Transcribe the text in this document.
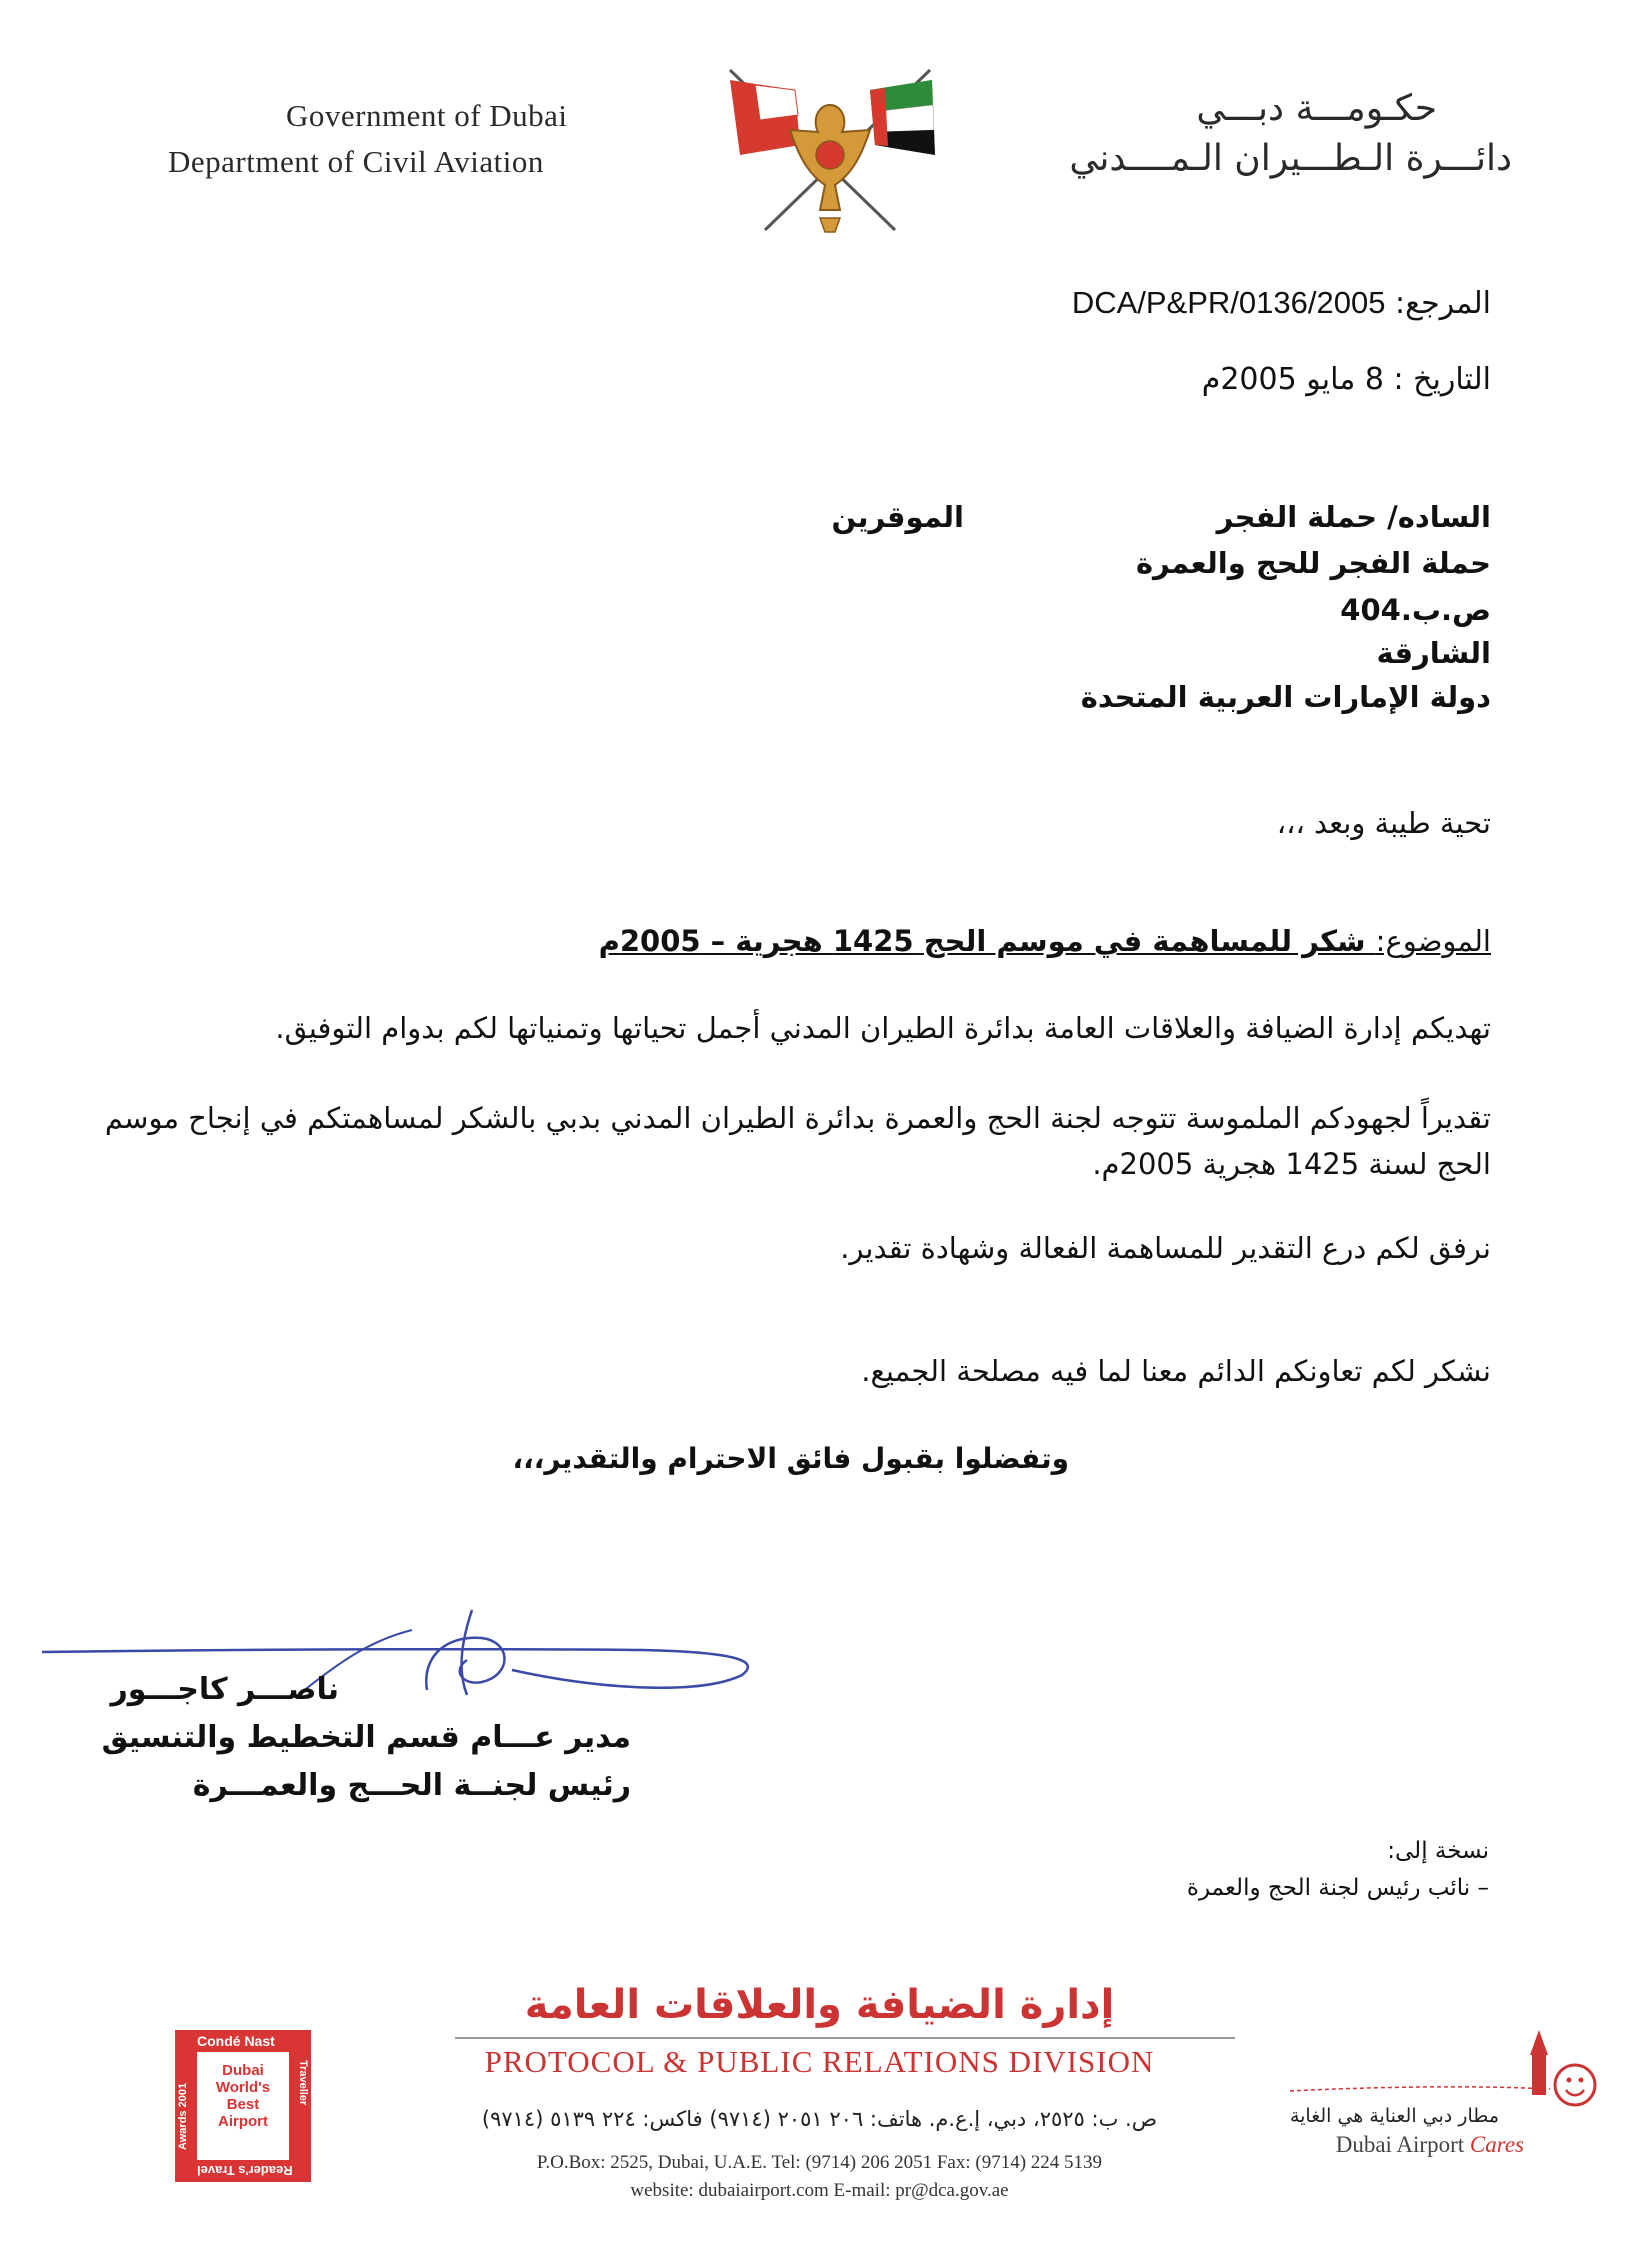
Government of Dubai
Department of Civil Aviation
حكـومـــة دبـــي
دائـــرة الـطـــيران الـمــــدني
المرجع: DCA/P&PR/0136/2005
التاريخ : 8 مايو 2005م
الساده/ حملة الفجر
الموقرين
حملة الفجر للحج والعمرة
ص.ب.404
الشارقة
دولة الإمارات العربية المتحدة
تحية طيبة وبعد ،،،
الموضوع: شكر للمساهمة في موسم الحج 1425 هجرية – 2005م
تهديكم إدارة الضيافة والعلاقات العامة بدائرة الطيران المدني أجمل تحياتها وتمنياتها لكم بدوام التوفيق.
تقديراً لجهودكم الملموسة تتوجه لجنة الحج والعمرة بدائرة الطيران المدني بدبي بالشكر لمساهمتكم في إنجاح موسم
الحج لسنة 1425 هجرية 2005م.
نرفق لكم درع التقدير للمساهمة الفعالة وشهادة تقدير.
نشكر لكم تعاونكم الدائم معنا لما فيه مصلحة الجميع.
وتفضلوا بقبول فائق الاحترام والتقدير،،،
ناصـــر كاجـــور
مدير عـــام قسم التخطيط والتنسيق
رئيس لجنــة الحـــج والعمـــرة
نسخة إلى:
– نائب رئيس لجنة الحج والعمرة
إدارة الضيافة والعلاقات العامة
PROTOCOL & PUBLIC RELATIONS DIVISION
ص. ب: ٢٥٢٥، دبي، إ.ع.م. هاتف: ٢٠٦ ٢٠٥١ (٩٧١٤) فاكس: ٢٢٤ ٥١٣٩ (٩٧١٤)
P.O.Box: 2525, Dubai, U.A.E. Tel: (9714) 206 2051 Fax: (9714) 224 5139
website: dubaiairport.com E-mail: pr@dca.gov.ae
Condé Nast
Awards 2001
Traveller
Dubai
World's
Best
Airport
Reader's Travel
مطار دبي العناية هي الغاية
Dubai Airport Cares
